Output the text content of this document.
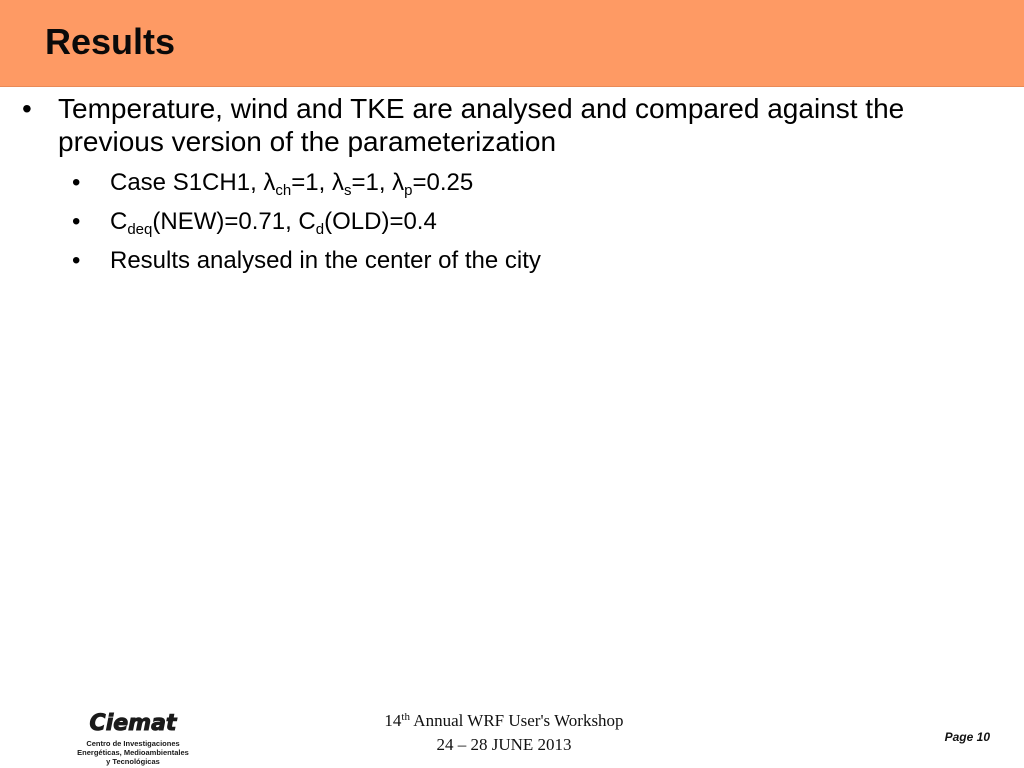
Results
• Temperature, wind and TKE are analysed and compared against the previous version of the parameterization
• Case S1CH1, $\lambda_{ch}=1$, $\lambda_s=1$, $\lambda_p=0.25$
• $C_{deq}(NEW)=0.71$, $C_d(OLD)=0.4$
• Results analysed in the center of the city
Ciemat
Centro de Investigaciones
Energéticas, Medioambientales
y Tecnológicas
14th Annual WRF User's Workshop
24 – 28 JUNE 2013	Page 10
